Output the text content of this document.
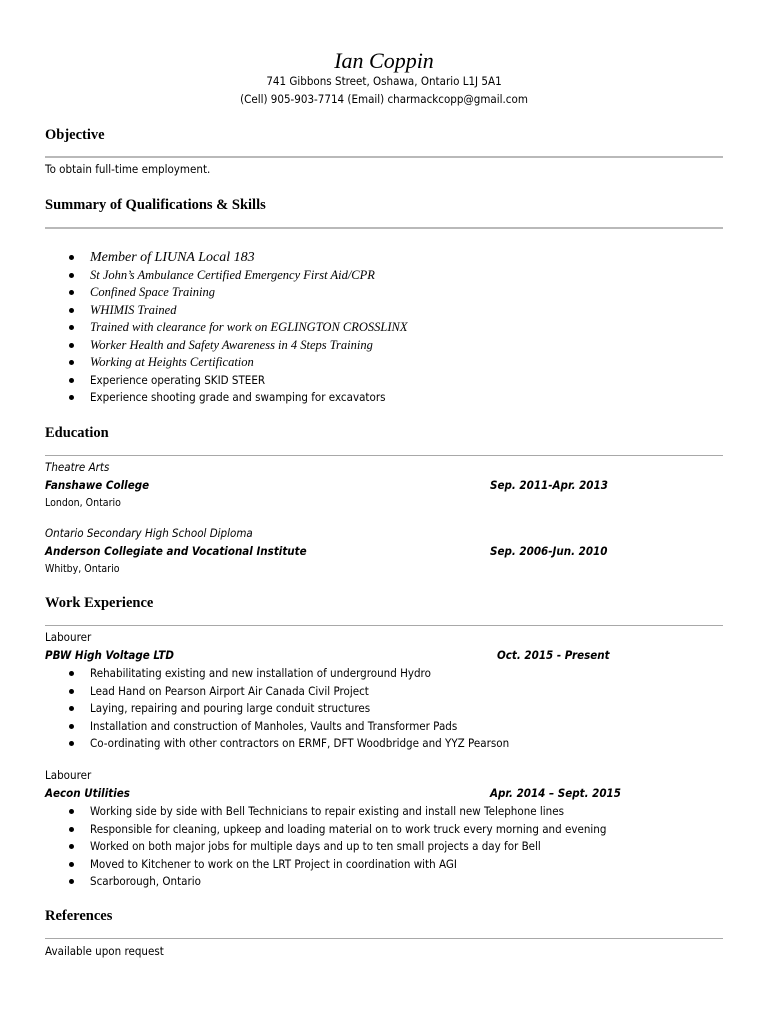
Ian Coppin
741 Gibbons Street, Oshawa, Ontario L1J 5A1
(Cell) 905-903-7714 (Email) charmackcopp@gmail.com
Objective
To obtain full-time employment.
Summary of Qualifications & Skills
Member of LIUNA Local 183
St John’s Ambulance Certified Emergency First Aid/CPR
Confined Space Training
WHIMIS Trained
Trained with clearance for work on EGLINGTON CROSSLINX
Worker Health and Safety Awareness in 4 Steps Training
Working at Heights Certification
Experience operating SKID STEER
Experience shooting grade and swamping for excavators
Education
Theatre Arts
Fanshawe College	Sep. 2011-Apr. 2013
London, Ontario
Ontario Secondary High School Diploma
Anderson Collegiate and Vocational Institute	Sep. 2006-Jun. 2010
Whitby, Ontario
Work Experience
Labourer
PBW High Voltage LTD	Oct. 2015 - Present
Rehabilitating existing and new installation of underground Hydro
Lead Hand on Pearson Airport Air Canada Civil Project
Laying, repairing and pouring large conduit structures
Installation and construction of Manholes, Vaults and Transformer Pads
Co-ordinating with other contractors on ERMF, DFT Woodbridge and YYZ Pearson
Labourer
Aecon Utilities	Apr. 2014 – Sept. 2015
Working side by side with Bell Technicians to repair existing and install new Telephone lines
Responsible for cleaning, upkeep and loading material on to work truck every morning and evening
Worked on both major jobs for multiple days and up to ten small projects a day for Bell
Moved to Kitchener to work on the LRT Project in coordination with AGI
Scarborough, Ontario
References
Available upon request
